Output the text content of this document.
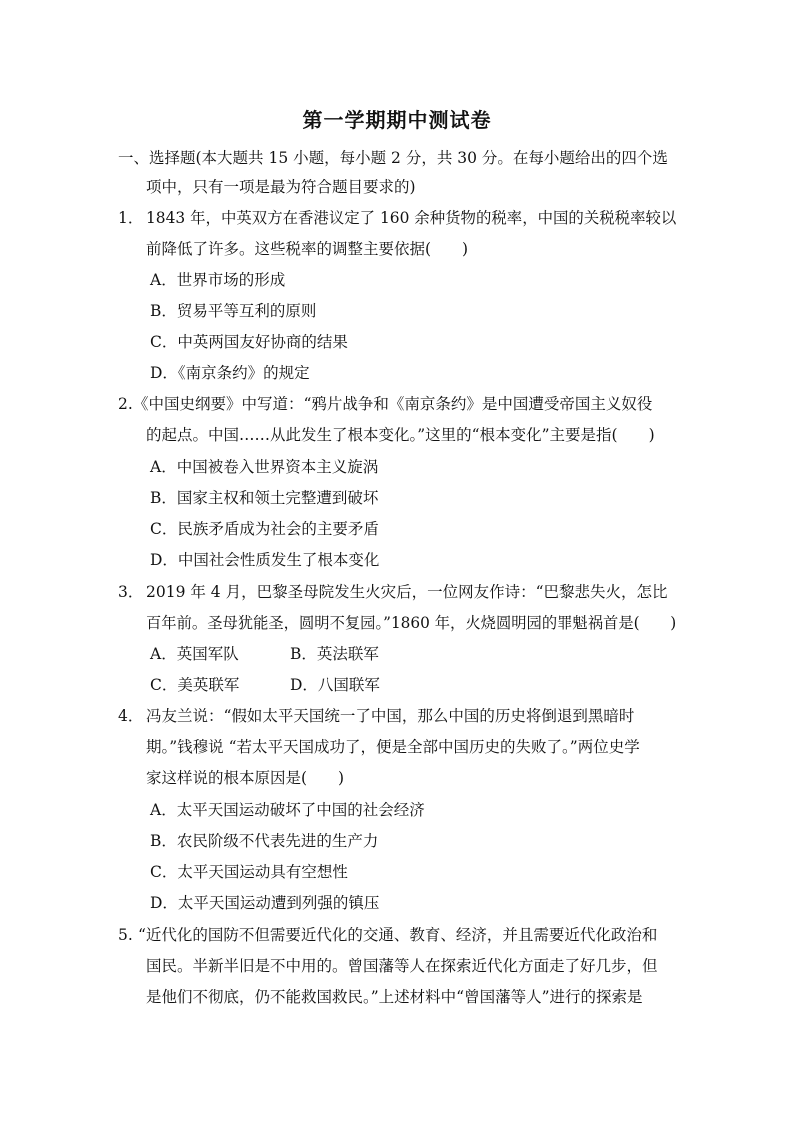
第一学期期中测试卷
一、选择题(本大题共 15 小题，每小题 2 分，共 30 分。在每小题给出的四个选
项中，只有一项是最为符合题目要求的)
1． 1843 年，中英双方在香港议定了 160 余种货物的税率，中国的关税税率较以
前降低了许多。这些税率的调整主要依据(　　)
A．世界市场的形成
B．贸易平等互利的原则
C．中英两国友好协商的结果
D．《南京条约》的规定
2. 《中国史纲要》中写道：“鸦片战争和《南京条约》是中国遭受帝国主义奴役
的起点。中国……从此发生了根本变化。”这里的“根本变化”主要是指(　　)
A．中国被卷入世界资本主义旋涡
B．国家主权和领土完整遭到破坏
C．民族矛盾成为社会的主要矛盾
D．中国社会性质发生了根本变化
3． 2019 年 4 月，巴黎圣母院发生火灾后，一位网友作诗：“巴黎悲失火，怎比
百年前。圣母犹能圣，圆明不复园。”1860 年，火烧圆明园的罪魁祸首是(　　)
A．英国军队	B．英法联军
C．美英联军	D．八国联军
4． 冯友兰说：“假如太平天国统一了中国，那么中国的历史将倒退到黑暗时
期。”钱穆说 “若太平天国成功了，便是全部中国历史的失败了。”两位史学
家这样说的根本原因是(　　)
A．太平天国运动破坏了中国的社会经济
B．农民阶级不代表先进的生产力
C．太平天国运动具有空想性
D．太平天国运动遭到列强的镇压
5. “近代化的国防不但需要近代化的交通、教育、经济，并且需要近代化政治和
国民。半新半旧是不中用的。曾国藩等人在探索近代化方面走了好几步，但
是他们不彻底，仍不能救国救民。”上述材料中“曾国藩等人”进行的探索是
